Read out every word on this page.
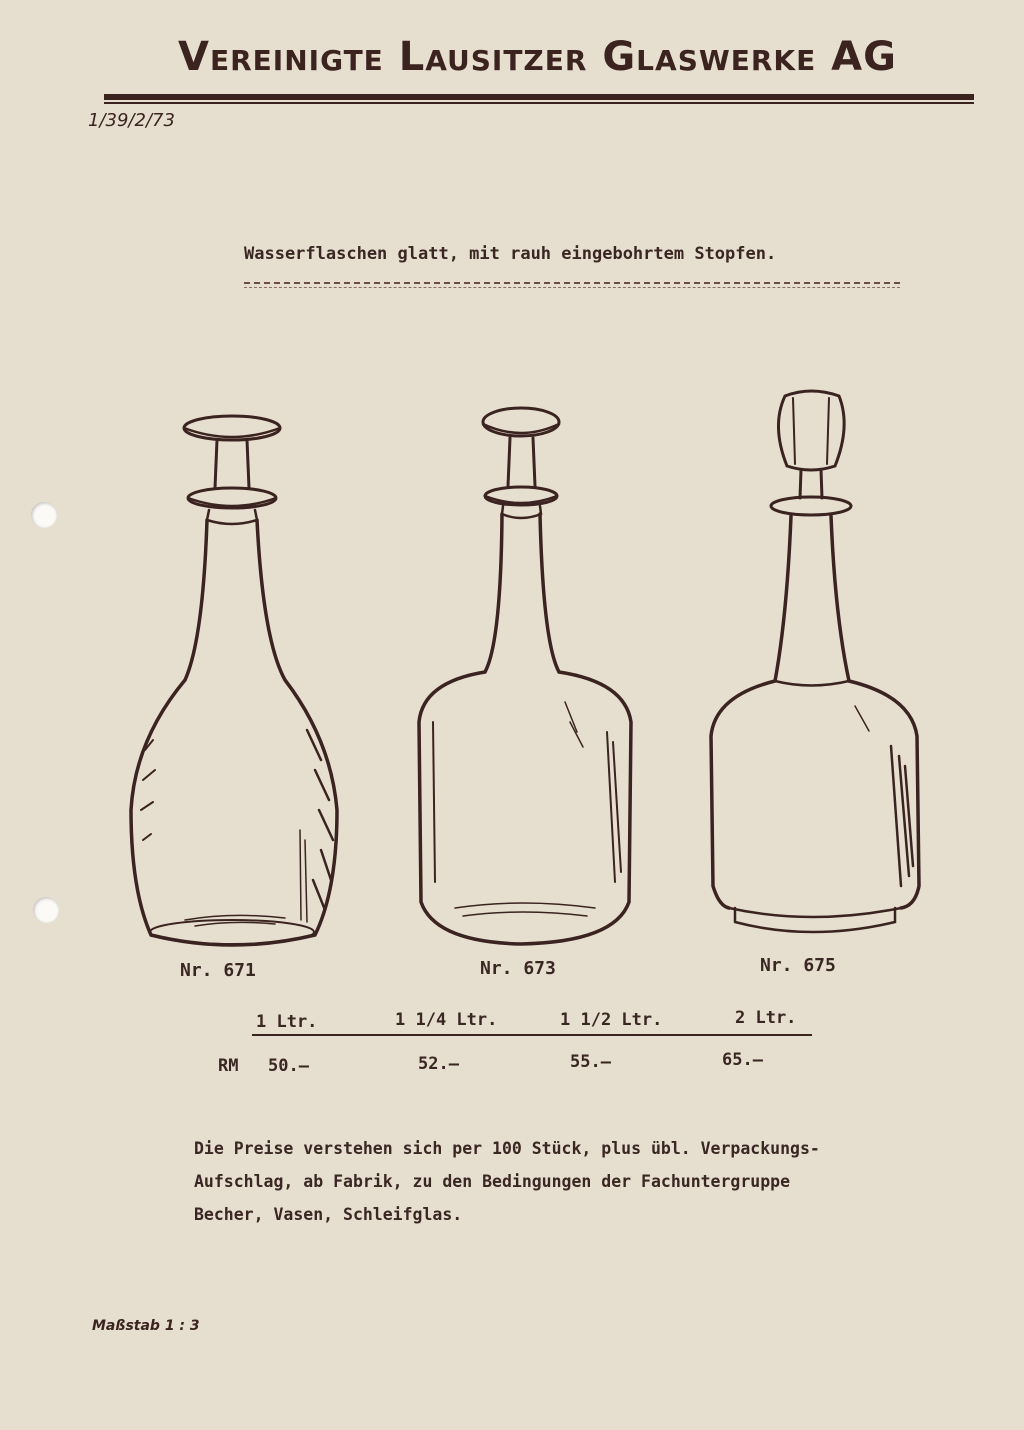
Vereinigte Lausitzer Glaswerke AG
1/39/2/73
Wasserflaschen glatt, mit rauh eingebohrtem Stopfen.
Nr. 671	Nr. 673	Nr. 675
1 Ltr.	1 1/4 Ltr.	1 1/2 Ltr.	2 Ltr.
RM 50.—	52.—	55.—	65.—
Die Preise verstehen sich per 100 Stück, plus übl. Verpackungs-
Aufschlag, ab Fabrik, zu den Bedingungen der Fachuntergruppe
Becher, Vasen, Schleifglas.
Maßstab 1 : 3
